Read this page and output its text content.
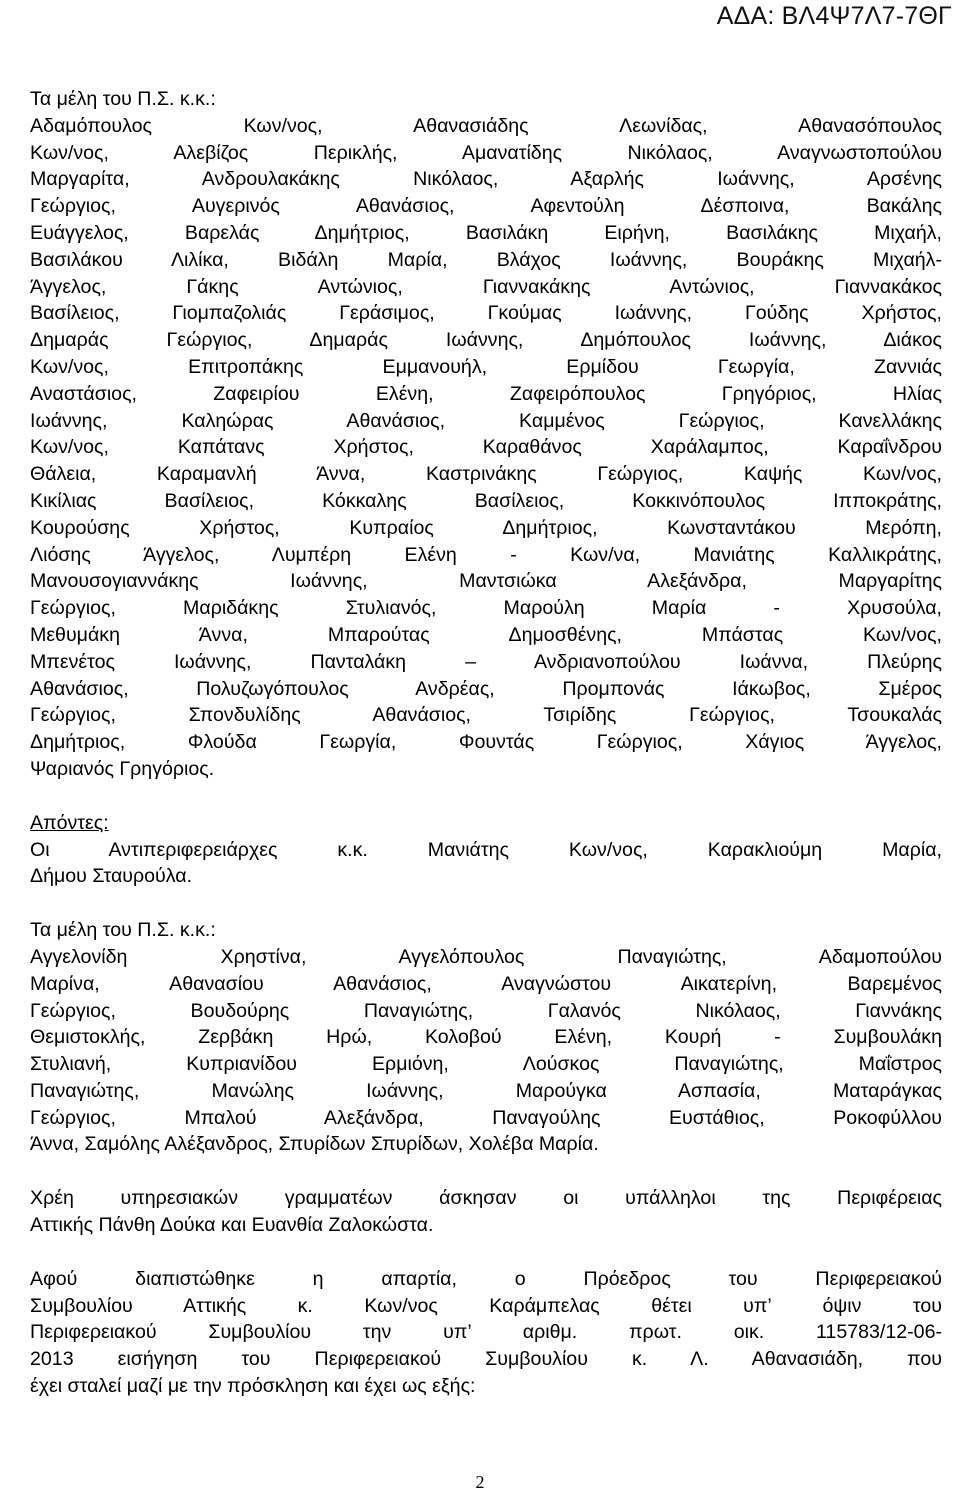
ΑΔΑ: ΒΛ4Ψ7Λ7-7ΘΓ
Τα μέλη του Π.Σ. κ.κ.:
Αδαμόπουλος Κων/νος, Αθανασιάδης Λεωνίδας, Αθανασόπουλος
Κων/νος, Αλεβίζος Περικλής, Αμανατίδης Νικόλαος, Αναγνωστοπούλου
Μαργαρίτα, Ανδρουλακάκης Νικόλαος, Αξαρλής Ιωάννης, Αρσένης
Γεώργιος, Αυγερινός Αθανάσιος, Αφεντούλη Δέσποινα, Βακάλης
Ευάγγελος, Βαρελάς Δημήτριος, Βασιλάκη Ειρήνη, Βασιλάκης Μιχαήλ,
Βασιλάκου Λιλίκα, Βιδάλη Μαρία, Βλάχος Ιωάννης, Βουράκης Μιχαήλ-
Άγγελος, Γάκης Αντώνιος, Γιαννακάκης Αντώνιος, Γιαννακάκος
Βασίλειος, Γιομπαζολιάς Γεράσιμος, Γκούμας Ιωάννης, Γούδης Χρήστος,
Δημαράς Γεώργιος, Δημαράς Ιωάννης, Δημόπουλος Ιωάννης, Διάκος
Κων/νος, Επιτροπάκης Εμμανουήλ, Ερμίδου Γεωργία, Ζαννιάς
Αναστάσιος, Ζαφειρίου Ελένη, Ζαφειρόπουλος Γρηγόριος, Ηλίας
Ιωάννης, Καληώρας Αθανάσιος, Καμμένος Γεώργιος, Κανελλάκης
Κων/νος, Καπάτανς Χρήστος, Καραθάνος Χαράλαμπος, Καραΐνδρου
Θάλεια, Καραμανλή Άννα, Καστρινάκης Γεώργιος, Καψής Κων/νος,
Κικίλιας Βασίλειος, Κόκκαλης Βασίλειος, Κοκκινόπουλος Ιπποκράτης,
Κουρούσης Χρήστος, Κυπραίος Δημήτριος, Κωνσταντάκου Μερόπη,
Λιόσης Άγγελος, Λυμπέρη Ελένη - Κων/να, Μανιάτης Καλλικράτης,
Μανουσογιαννάκης Ιωάννης, Μαντσιώκα Αλεξάνδρα, Μαργαρίτης
Γεώργιος, Μαριδάκης Στυλιανός, Μαρούλη Μαρία - Χρυσούλα,
Μεθυμάκη Άννα, Μπαρούτας Δημοσθένης, Μπάστας Κων/νος,
Μπενέτος Ιωάννης, Πανταλάκη – Ανδριανοπούλου Ιωάννα, Πλεύρης
Αθανάσιος, Πολυζωγόπουλος Ανδρέας, Προμπονάς Ιάκωβος, Σμέρος
Γεώργιος, Σπονδυλίδης Αθανάσιος, Τσιρίδης Γεώργιος, Τσουκαλάς
Δημήτριος, Φλούδα Γεωργία, Φουντάς Γεώργιος, Χάγιος Άγγελος,
Ψαριανός Γρηγόριος.
Απόντες:
Οι Αντιπεριφερειάρχες κ.κ. Μανιάτης Κων/νος, Καρακλιούμη Μαρία,
Δήμου Σταυρούλα.
Τα μέλη του Π.Σ. κ.κ.:
Αγγελονίδη Χρηστίνα, Αγγελόπουλος Παναγιώτης, Αδαμοπούλου
Μαρίνα, Αθανασίου Αθανάσιος, Αναγνώστου Αικατερίνη, Βαρεμένος
Γεώργιος, Βουδούρης Παναγιώτης, Γαλανός Νικόλαος, Γιαννάκης
Θεμιστοκλής, Ζερβάκη Ηρώ, Κολοβού Ελένη, Κουρή - Συμβουλάκη
Στυλιανή, Κυπριανίδου Ερμιόνη, Λούσκος Παναγιώτης, Μαΐστρος
Παναγιώτης, Μανώλης Ιωάννης, Μαρούγκα Ασπασία, Ματαράγκας
Γεώργιος, Μπαλού Αλεξάνδρα, Παναγούλης Ευστάθιος, Ροκοφύλλου
Άννα, Σαμόλης Αλέξανδρος, Σπυρίδων Σπυρίδων, Χολέβα Μαρία.
Χρέη υπηρεσιακών γραμματέων άσκησαν οι υπάλληλοι της Περιφέρειας
Αττικής Πάνθη Δούκα και Ευανθία Ζαλοκώστα.
Αφού διαπιστώθηκε η απαρτία, ο Πρόεδρος του Περιφερειακού
Συμβουλίου Αττικής κ. Κων/νος Καράμπελας θέτει υπ’ όψιν του
Περιφερειακού Συμβουλίου την υπ’ αριθμ. πρωτ. οικ. 115783/12-06-
2013 εισήγηση του Περιφερειακού Συμβουλίου κ. Λ. Αθανασιάδη, που
έχει σταλεί μαζί με την πρόσκληση και έχει ως εξής:
2
